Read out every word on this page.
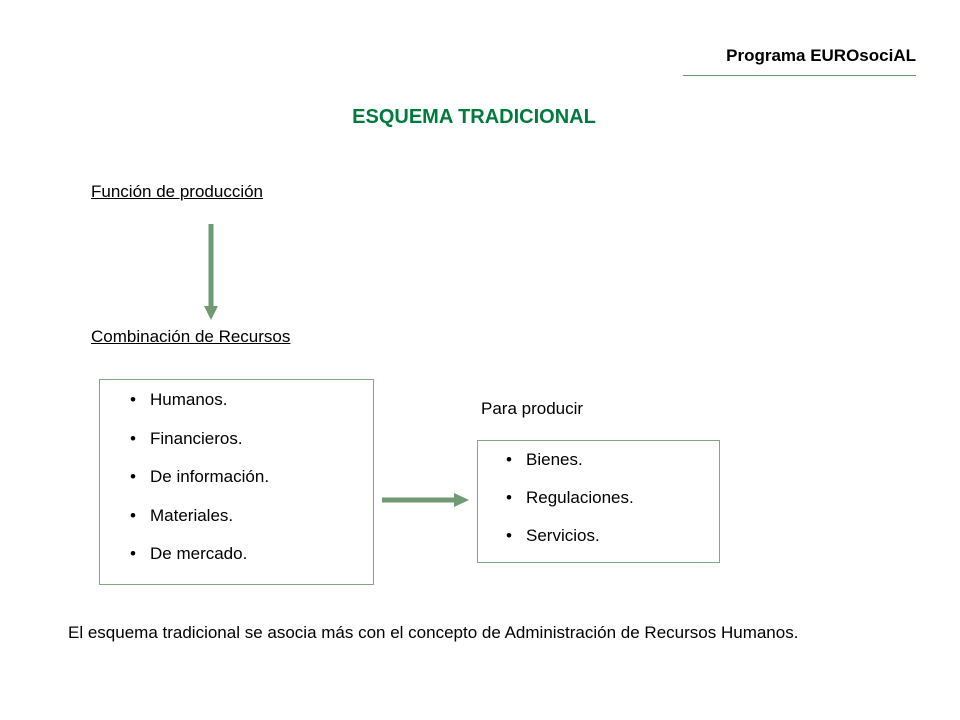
Programa EUROsociAL
ESQUEMA TRADICIONAL
Función de producción
Combinación de Recursos
• Humanos.
• Financieros.
• De información.
• Materiales.
• De mercado.
Para producir
• Bienes.
• Regulaciones.
• Servicios.
El esquema tradicional se asocia más con el concepto de Administración de Recursos Humanos.
